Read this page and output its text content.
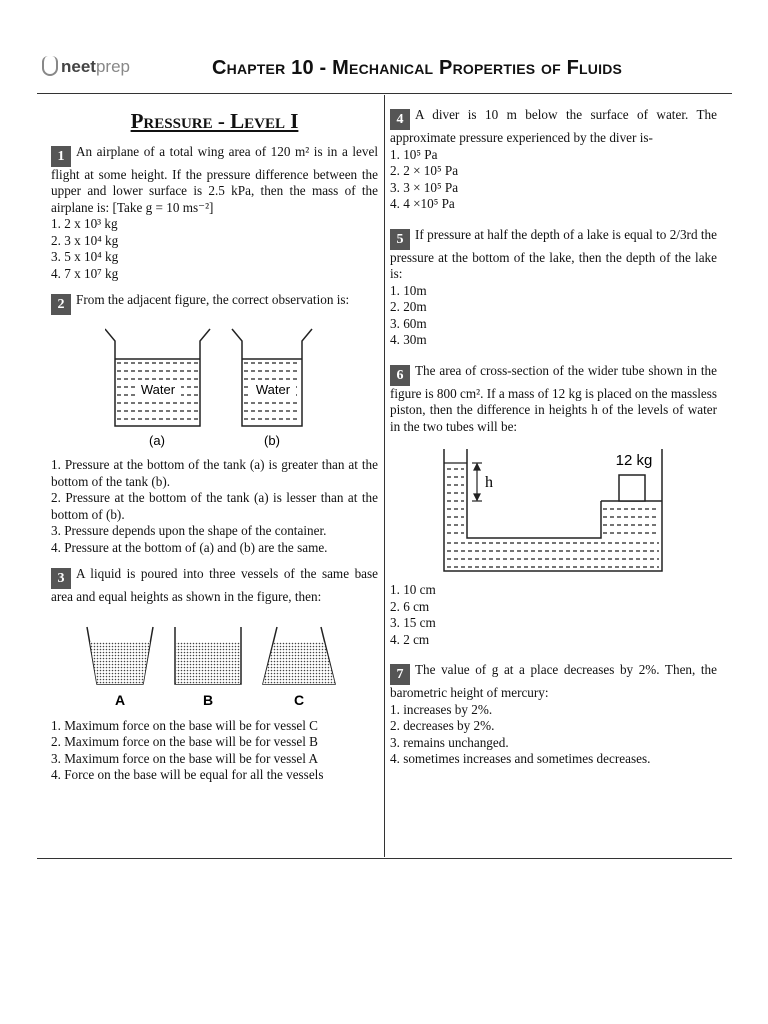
neetprep	Chapter 10 - Mechanical Properties of Fluids
Pressure - Level I
1 An airplane of a total wing area of 120 m² is in a level flight at some height. If the pressure difference between the upper and lower surface is 2.5 kPa, then the mass of the airplane is: [Take g = 10 ms⁻²]
1. 2 x 10³ kg
2. 3 x 10⁴ kg
3. 5 x 10⁴ kg
4. 7 x 10⁷ kg
2 From the adjacent figure, the correct observation is:
Water
(a)
Water
(b)
1. Pressure at the bottom of the tank (a) is greater than at the bottom of the tank (b).
2. Pressure at the bottom of the tank (a) is lesser than at the bottom of (b).
3. Pressure depends upon the shape of the container.
4. Pressure at the bottom of (a) and (b) are the same.
3 A liquid is poured into three vessels of the same base area and equal heights as shown in the figure, then:
A	B	C
1. Maximum force on the base will be for vessel C
2. Maximum force on the base will be for vessel B
3. Maximum force on the base will be for vessel A
4. Force on the base will be equal for all the vessels
4 A diver is 10 m below the surface of water. The approximate pressure experienced by the diver is-
1. 10⁵ Pa
2. 2 × 10⁵ Pa
3. 3 × 10⁵ Pa
4. 4 ×10⁵ Pa
5 If pressure at half the depth of a lake is equal to 2/3rd the pressure at the bottom of the lake, then the depth of the lake is:
1. 10m
2. 20m
3. 60m
4. 30m
6 The area of cross-section of the wider tube shown in the figure is 800 cm². If a mass of 12 kg is placed on the massless piston, then the difference in heights h of the levels of water in the two tubes will be:
12 kg
h
1. 10 cm
2. 6 cm
3. 15 cm
4. 2 cm
7 The value of g at a place decreases by 2%. Then, the barometric height of mercury:
1. increases by 2%.
2. decreases by 2%.
3. remains unchanged.
4. sometimes increases and sometimes decreases.
